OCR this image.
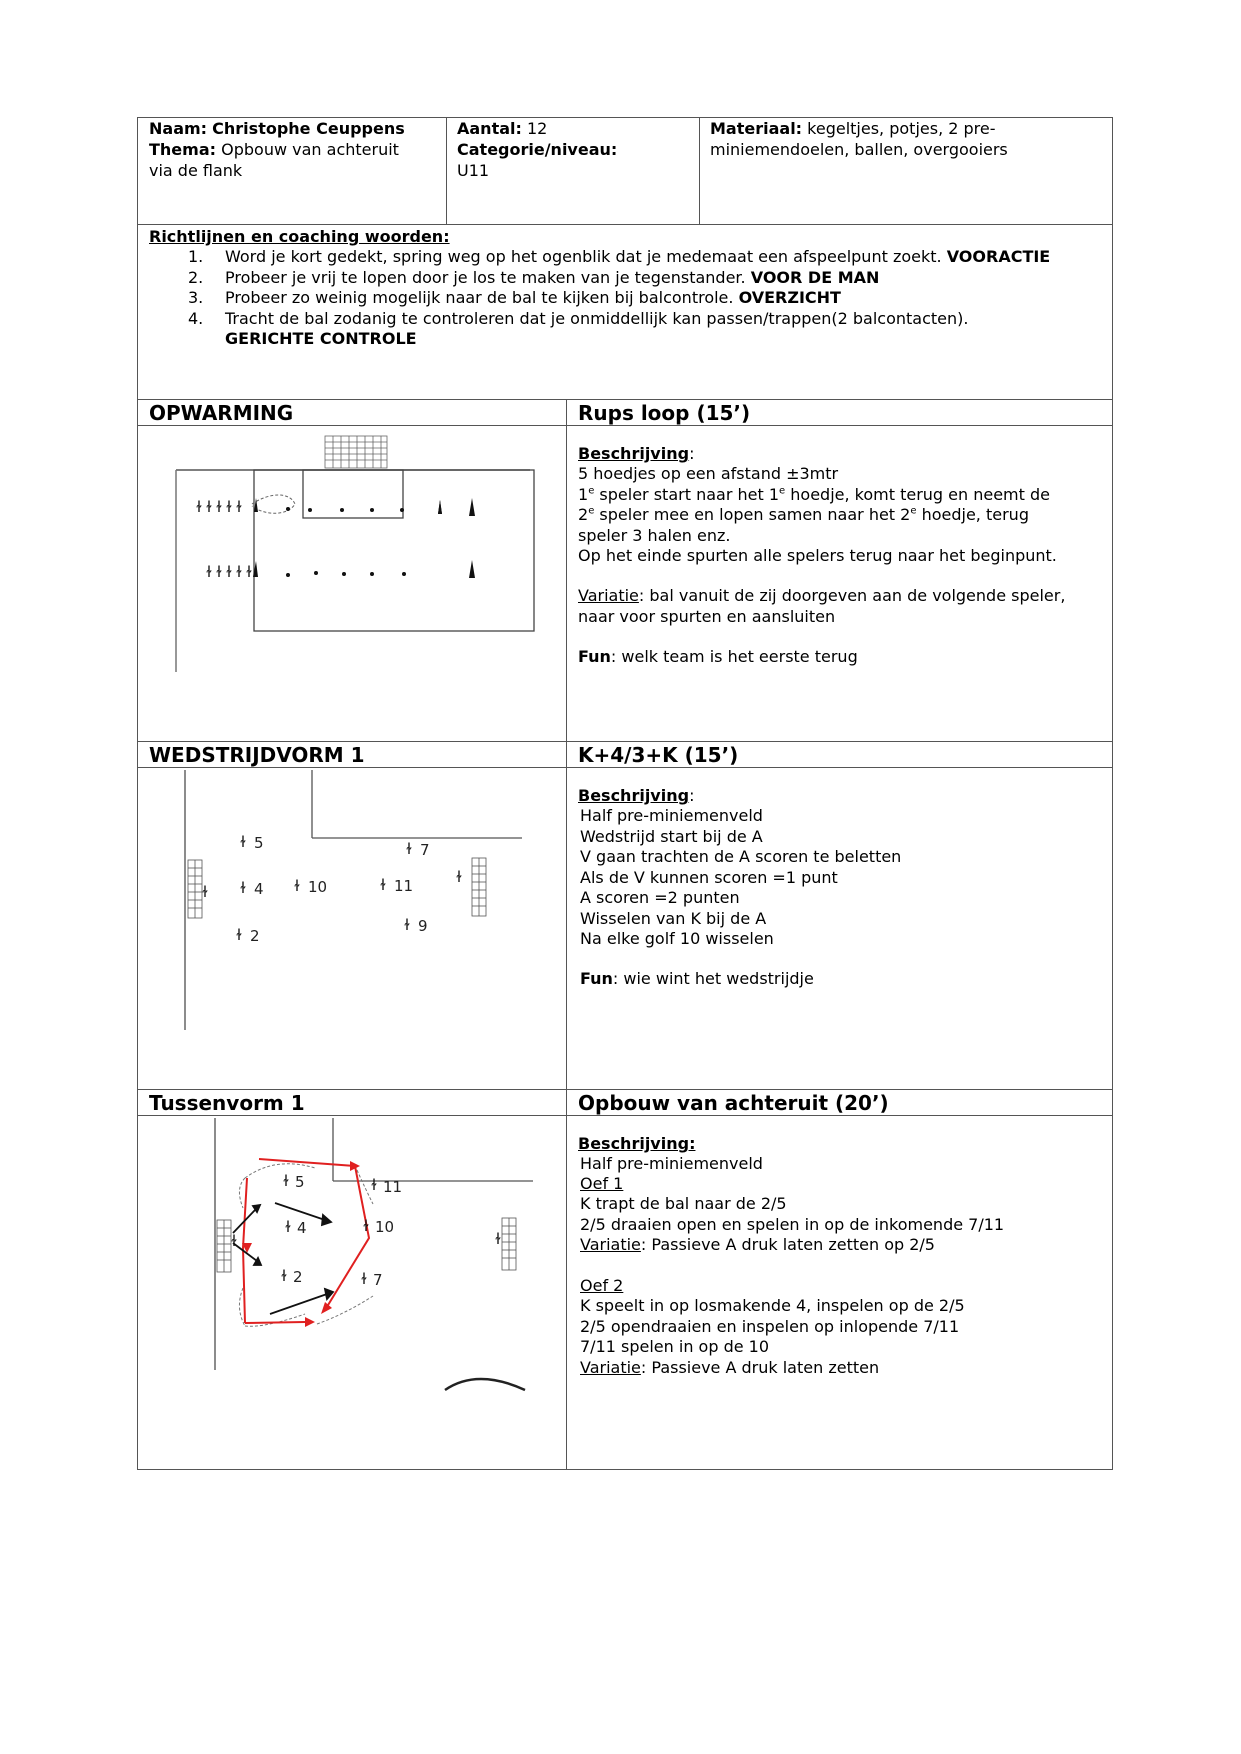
Naam: Christophe Ceuppens
Thema: Opbouw van achteruit
via de flank
Aantal: 12
Categorie/niveau:
U11
Materiaal: kegeltjes, potjes, 2 pre-
miniemendoelen, ballen, overgooiers
Richtlijnen en coaching woorden:
1. Word je kort gedekt, spring weg op het ogenblik dat je medemaat een afspeelpunt zoekt. VOORACTIE
2. Probeer je vrij te lopen door je los te maken van je tegenstander. VOOR DE MAN
3. Probeer zo weinig mogelijk naar de bal te kijken bij balcontrole. OVERZICHT
4. Tracht de bal zodanig te controleren dat je onmiddellijk kan passen/trappen(2 balcontacten).
GERICHTE CONTROLE
OPWARMING	Rups loop (15’)
ɫ ɫ ɫ ɫ ɫ
ɫ ɫ ɫ ɫ ɫ
Beschrijving:
5 hoedjes op een afstand ±3mtr
1e speler start naar het 1e hoedje, komt terug en neemt de
2e speler mee en lopen samen naar het 2e hoedje, terug
speler 3 halen enz.
Op het einde spurten alle spelers terug naar het beginpunt.
Variatie: bal vanuit de zij doorgeven aan de volgende speler,
naar voor spurten en aansluiten
Fun: welk team is het eerste terug
WEDSTRIJDVORM 1	K+4/3+K (15’)
ɫ
ɫ
ɫ
ɫ	ɫ
ɫ
ɫ
ɫ
ɫ
5
4	10
2
7
11
9
Beschrijving:
Half pre-miniemenveld
Wedstrijd start bij de A
V gaan trachten de A scoren te beletten
Als de V kunnen scoren =1 punt
A scoren =2 punten
Wisselen van K bij de A
Na elke golf 10 wisselen
Fun: wie wint het wedstrijdje
Tussenvorm 1	Opbouw van achteruit (20’)
ɫ	ɫ
ɫ
ɫ
ɫ
ɫ
ɫ
ɫ
5
4
2
11
10
7
Beschrijving:
Half pre-miniemenveld
Oef 1
K trapt de bal naar de 2/5
2/5 draaien open en spelen in op de inkomende 7/11
Variatie: Passieve A druk laten zetten op 2/5
Oef 2
K speelt in op losmakende 4, inspelen op de 2/5
2/5 opendraaien en inspelen op inlopende 7/11
7/11 spelen in op de 10
Variatie: Passieve A druk laten zetten
